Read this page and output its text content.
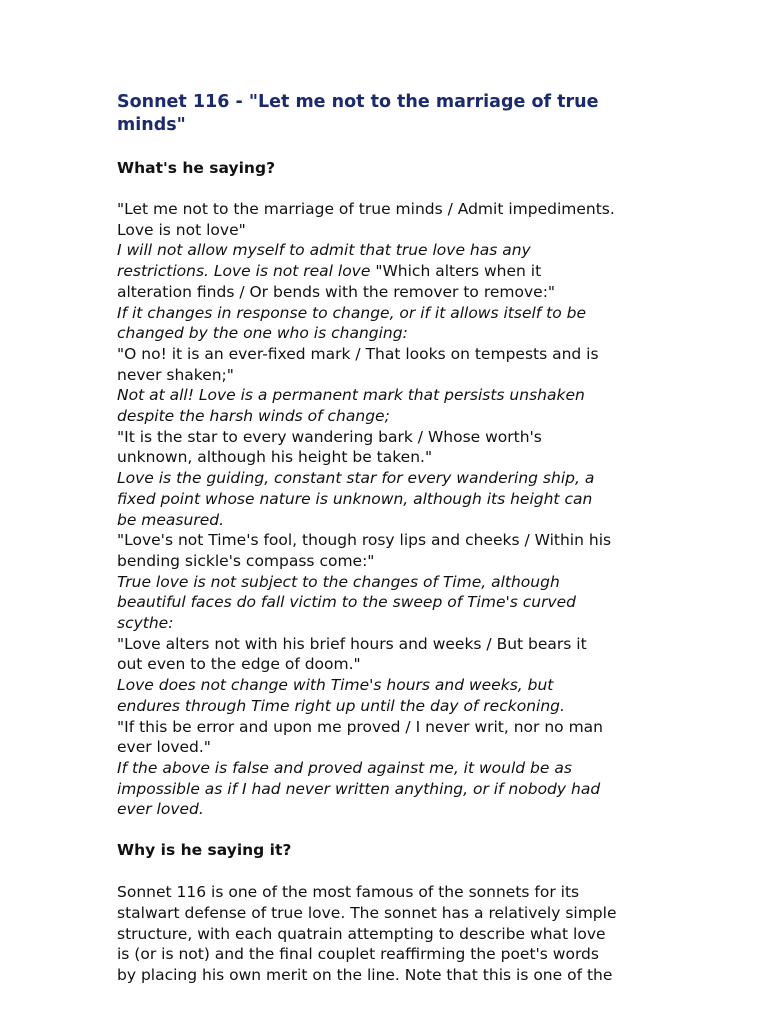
Sonnet 116 - "Let me not to the marriage of true
minds"
What's he saying?
"Let me not to the marriage of true minds / Admit impediments.
Love is not love"
I will not allow myself to admit that true love has any
restrictions. Love is not real love "Which alters when it
alteration finds / Or bends with the remover to remove:"
If it changes in response to change, or if it allows itself to be
changed by the one who is changing:
"O no! it is an ever-fixed mark / That looks on tempests and is
never shaken;"
Not at all! Love is a permanent mark that persists unshaken
despite the harsh winds of change;
"It is the star to every wandering bark / Whose worth's
unknown, although his height be taken."
Love is the guiding, constant star for every wandering ship, a
fixed point whose nature is unknown, although its height can
be measured.
"Love's not Time's fool, though rosy lips and cheeks / Within his
bending sickle's compass come:"
True love is not subject to the changes of Time, although
beautiful faces do fall victim to the sweep of Time's curved
scythe:
"Love alters not with his brief hours and weeks / But bears it
out even to the edge of doom."
Love does not change with Time's hours and weeks, but
endures through Time right up until the day of reckoning.
"If this be error and upon me proved / I never writ, nor no man
ever loved."
If the above is false and proved against me, it would be as
impossible as if I had never written anything, or if nobody had
ever loved.
Why is he saying it?
Sonnet 116 is one of the most famous of the sonnets for its
stalwart defense of true love. The sonnet has a relatively simple
structure, with each quatrain attempting to describe what love
is (or is not) and the final couplet reaffirming the poet's words
by placing his own merit on the line. Note that this is one of the
